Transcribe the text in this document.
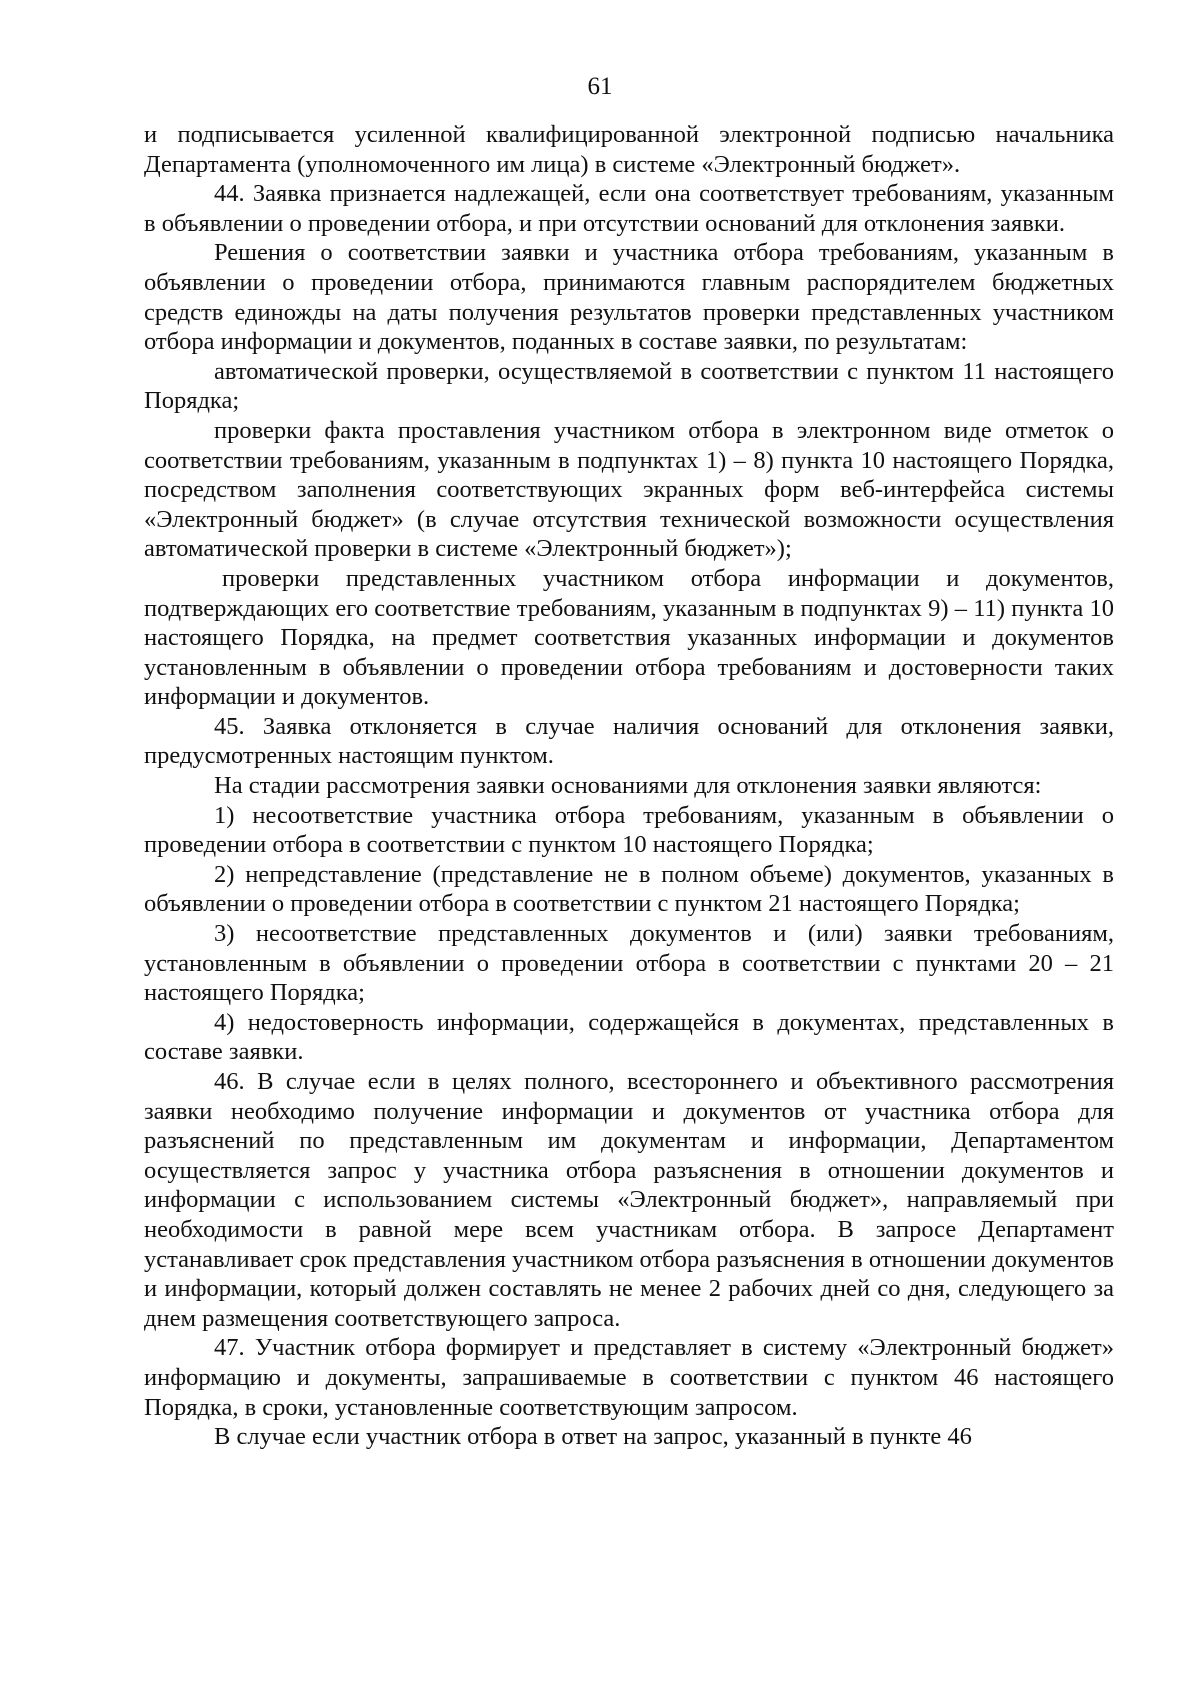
61

и подписывается усиленной квалифицированной электронной подписью начальника Департамента (уполномоченного им лица) в системе «Электронный бюджет».

44. Заявка признается надлежащей, если она соответствует требованиям, указанным в объявлении о проведении отбора, и при отсутствии оснований для отклонения заявки.

Решения о соответствии заявки и участника отбора требованиям, указанным в объявлении о проведении отбора, принимаются главным распорядителем бюджетных средств единожды на даты получения результатов проверки представленных участником отбора информации и документов, поданных в составе заявки, по результатам:

автоматической проверки, осуществляемой в соответствии с пунктом 11 настоящего Порядка;

проверки факта проставления участником отбора в электронном виде отметок о соответствии требованиям, указанным в подпунктах 1) – 8) пункта 10 настоящего Порядка, посредством заполнения соответствующих экранных форм веб-интерфейса системы «Электронный бюджет» (в случае отсутствия технической возможности осуществления автоматической проверки в системе «Электронный бюджет»);

проверки представленных участником отбора информации и документов, подтверждающих его соответствие требованиям, указанным в подпунктах 9) – 11) пункта 10 настоящего Порядка, на предмет соответствия указанных информации и документов установленным в объявлении о проведении отбора требованиям и достоверности таких информации и документов.

45. Заявка отклоняется в случае наличия оснований для отклонения заявки, предусмотренных настоящим пунктом.

На стадии рассмотрения заявки основаниями для отклонения заявки являются:

1) несоответствие участника отбора требованиям, указанным в объявлении о проведении отбора в соответствии с пунктом 10 настоящего Порядка;

2) непредставление (представление не в полном объеме) документов, указанных в объявлении о проведении отбора в соответствии с пунктом 21 настоящего Порядка;

3) несоответствие представленных документов и (или) заявки требованиям, установленным в объявлении о проведении отбора в соответствии с пунктами 20 – 21 настоящего Порядка;

4) недостоверность информации, содержащейся в документах, представленных в составе заявки.

46. В случае если в целях полного, всестороннего и объективного рассмотрения заявки необходимо получение информации и документов от участника отбора для разъяснений по представленным им документам и информации, Департаментом осуществляется запрос у участника отбора разъяснения в отношении документов и информации с использованием системы «Электронный бюджет», направляемый при необходимости в равной мере всем участникам отбора. В запросе Департамент устанавливает срок представления участником отбора разъяснения в отношении документов и информации, который должен составлять не менее 2 рабочих дней со дня, следующего за днем размещения соответствующего запроса.

47. Участник отбора формирует и представляет в систему «Электронный бюджет» информацию и документы, запрашиваемые в соответствии с пунктом 46 настоящего Порядка, в сроки, установленные соответствующим запросом.

В случае если участник отбора в ответ на запрос, указанный в пункте 46
